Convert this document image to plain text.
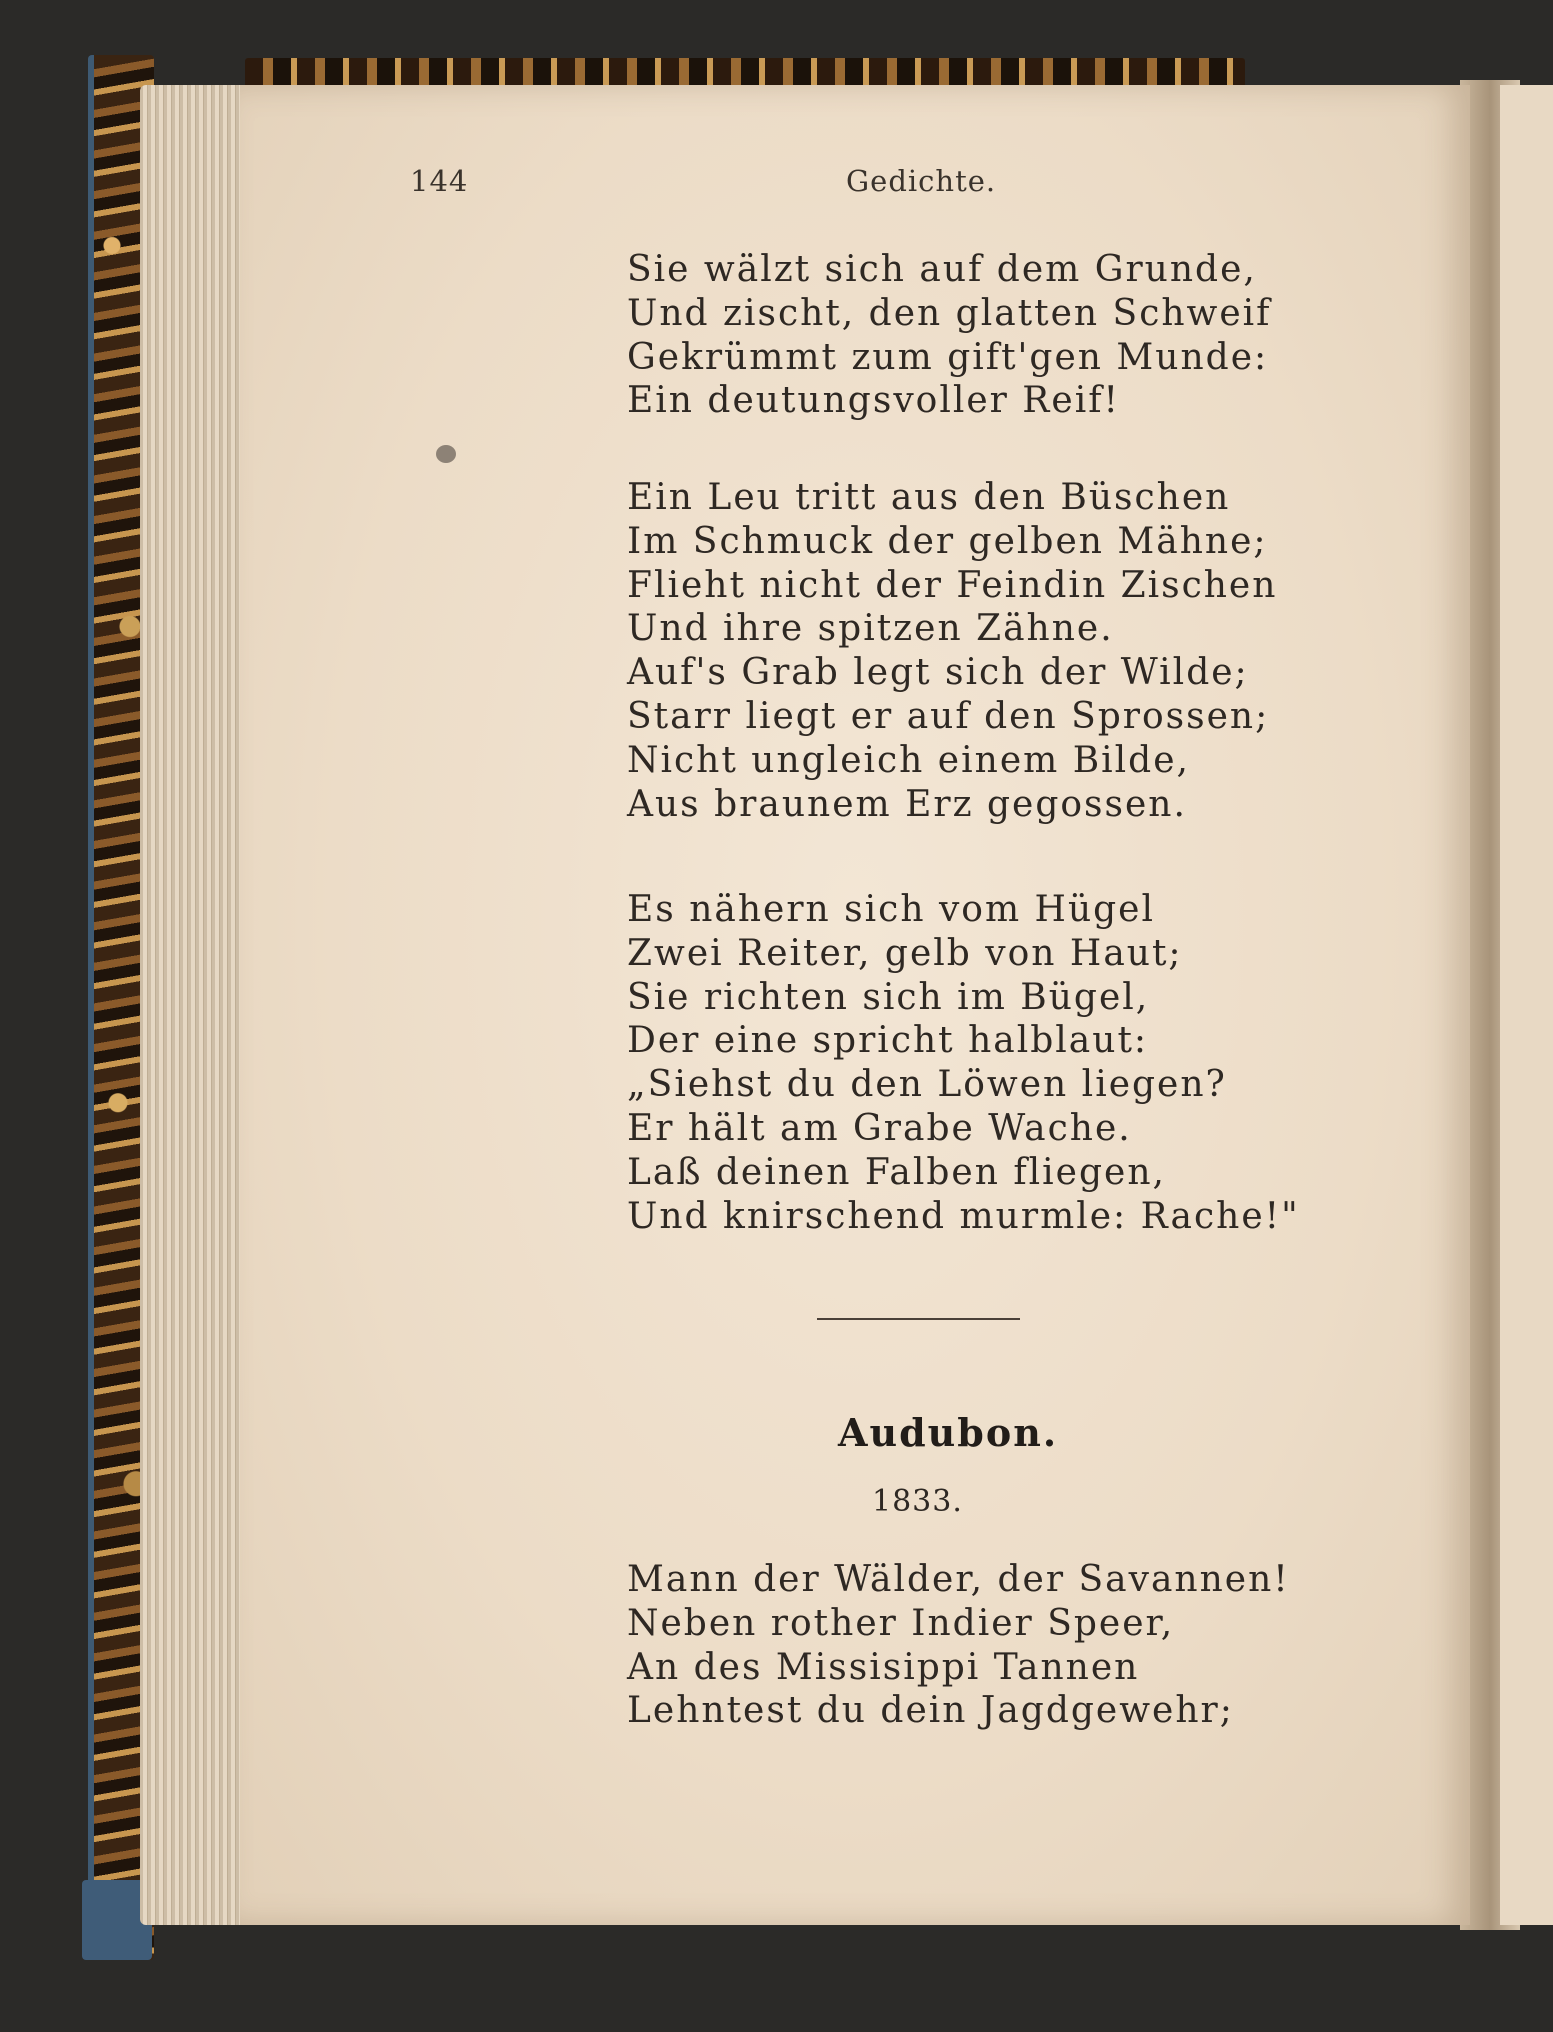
144	Gedichte.
Sie wälzt sich auf dem Grunde,
Und zischt, den glatten Schweif
Gekrümmt zum gift'gen Munde:
Ein deutungsvoller Reif!
Ein Leu tritt aus den Büschen
Im Schmuck der gelben Mähne;
Flieht nicht der Feindin Zischen
Und ihre spitzen Zähne.
Auf's Grab legt sich der Wilde;
Starr liegt er auf den Sprossen;
Nicht ungleich einem Bilde,
Aus braunem Erz gegossen.
Es nähern sich vom Hügel
Zwei Reiter, gelb von Haut;
Sie richten sich im Bügel,
Der eine spricht halblaut:
„Siehst du den Löwen liegen?
Er hält am Grabe Wache.
Laß deinen Falben fliegen,
Und knirschend murmle: Rache!"
Audubon.
1833.
Mann der Wälder, der Savannen!
Neben rother Indier Speer,
An des Missisippi Tannen
Lehntest du dein Jagdgewehr;
